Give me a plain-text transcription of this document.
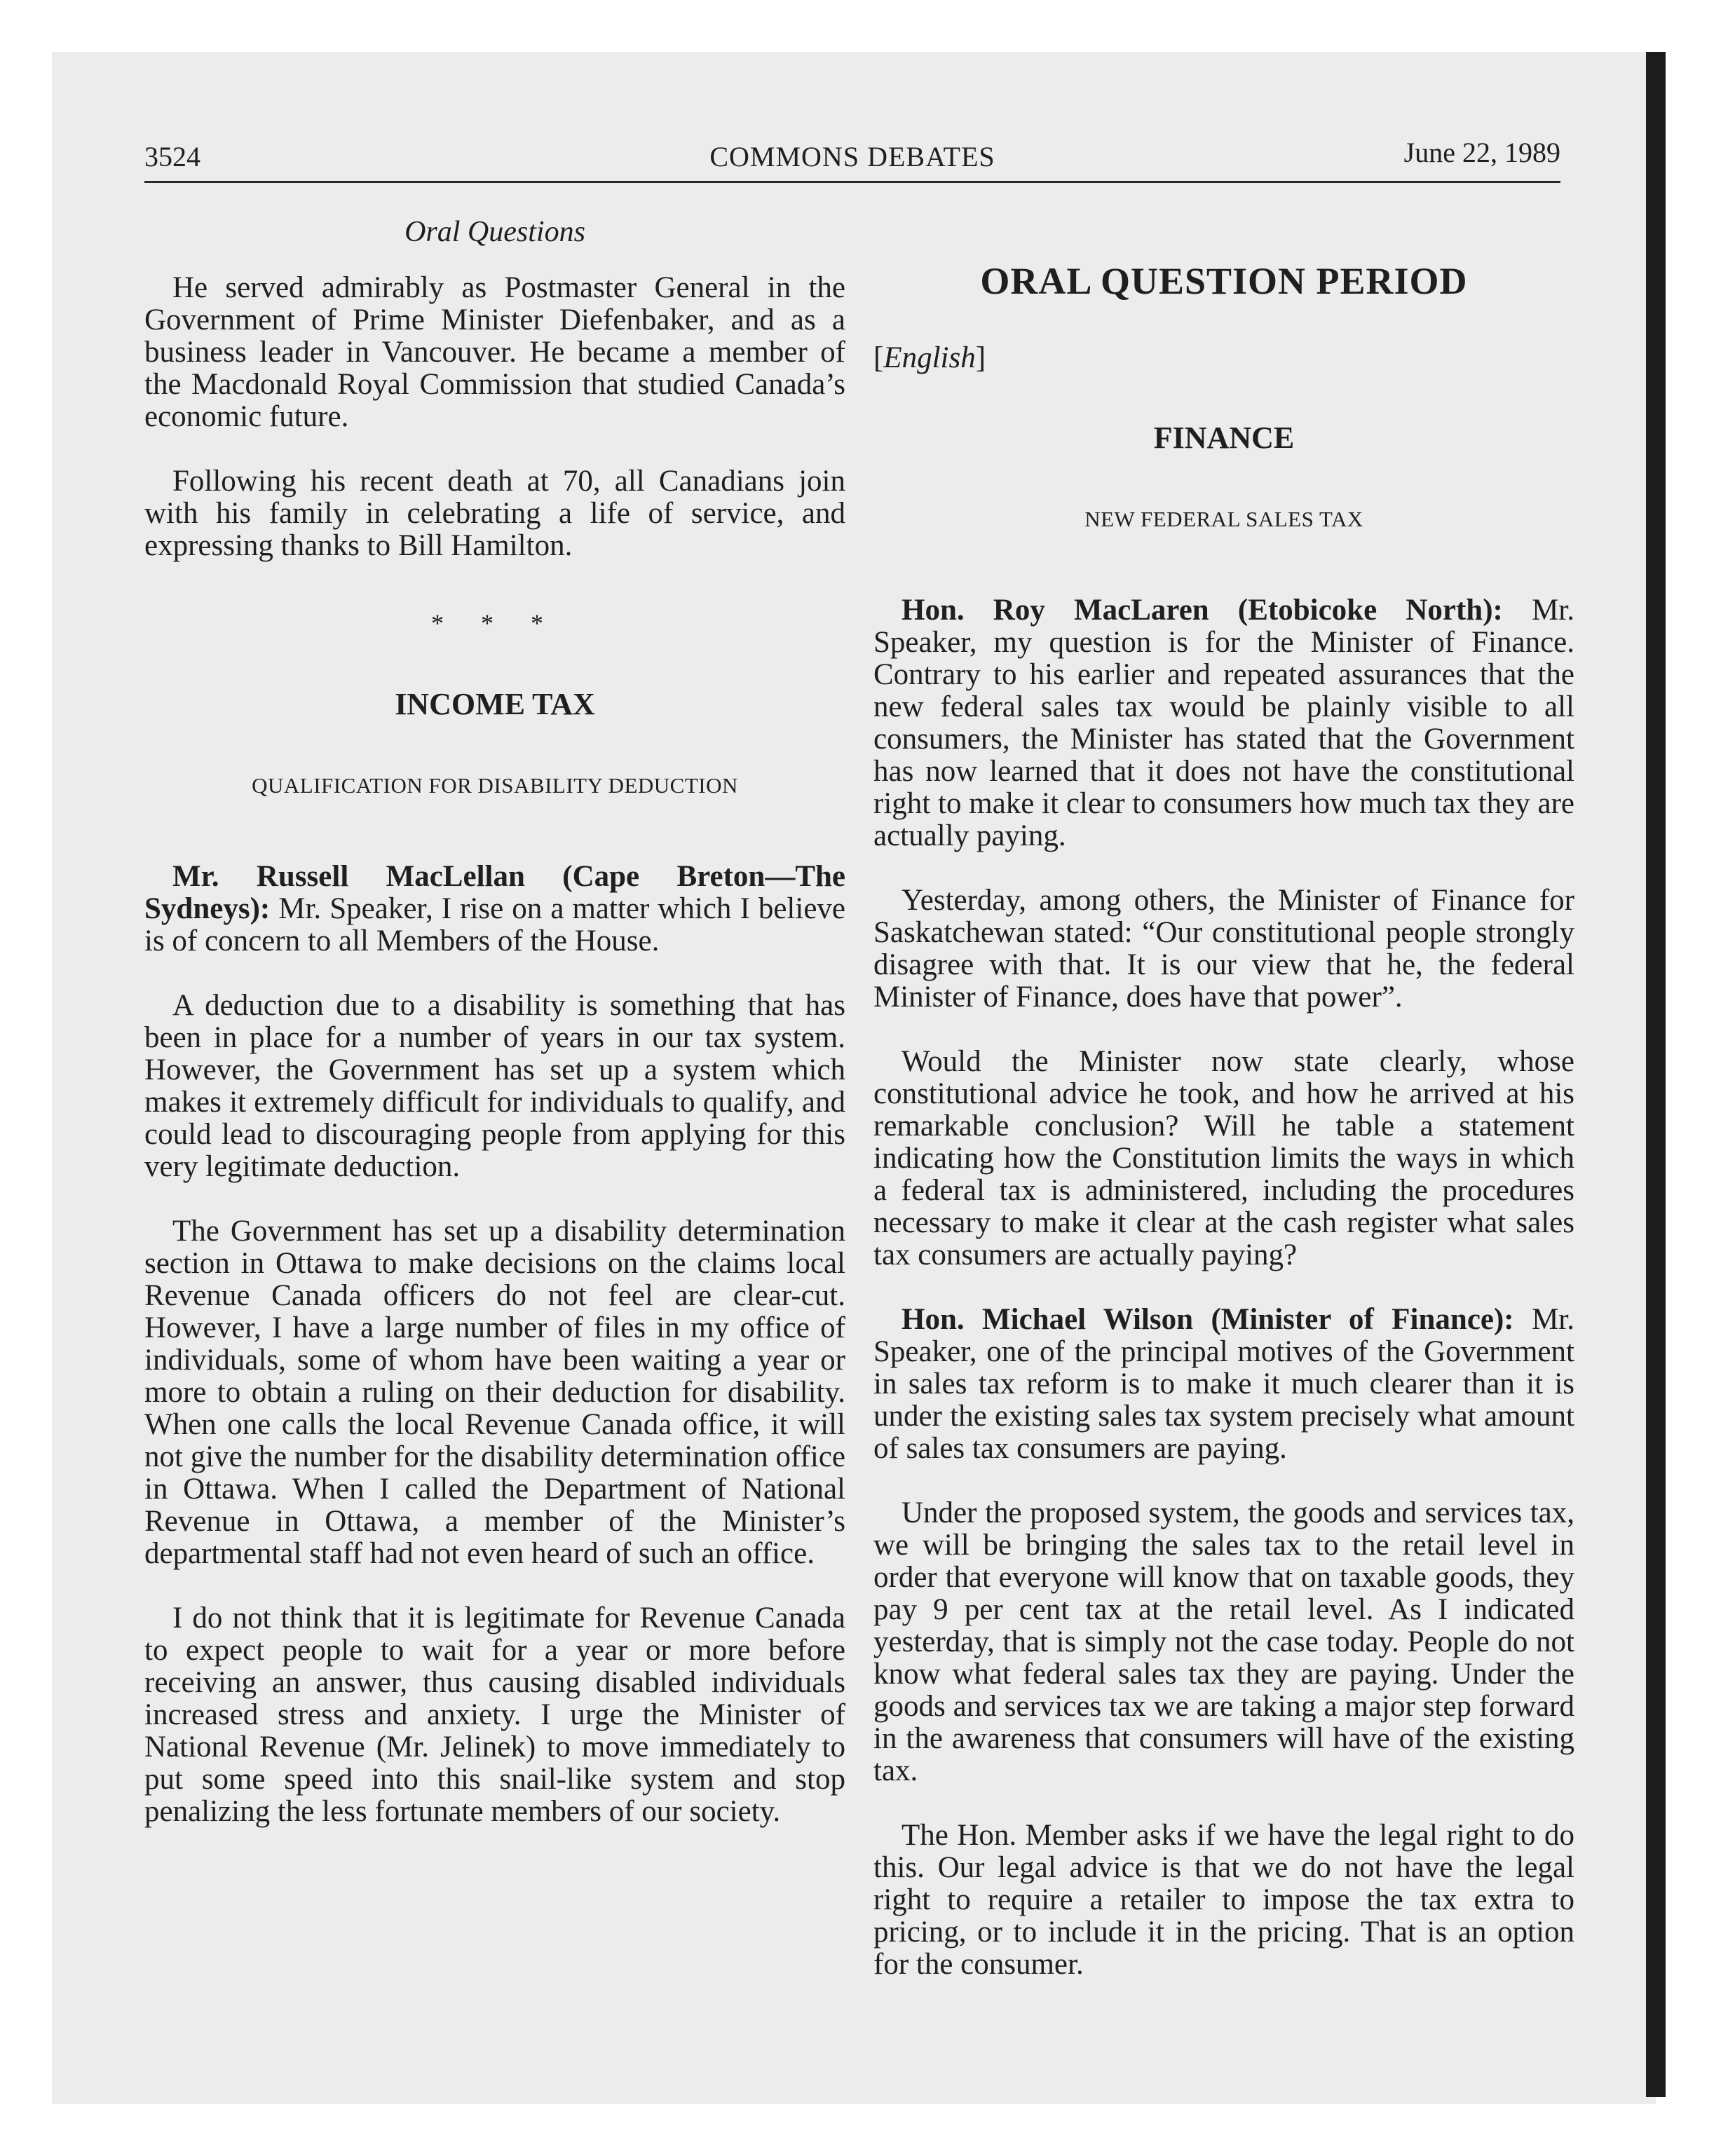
3524	COMMONS DEBATES	June 22, 1989
Oral Questions

He served admirably as Postmaster General in the Government of Prime Minister Diefenbaker, and as a business leader in Vancouver. He became a member of the Macdonald Royal Commission that studied Canada’s economic future.

Following his recent death at 70, all Canadians join with his family in celebrating a life of service, and expressing thanks to Bill Hamilton.

* * *
INCOME TAX
QUALIFICATION FOR DISABILITY DEDUCTION

Mr. Russell MacLellan (Cape Breton—The Sydneys): Mr. Speaker, I rise on a matter which I believe is of concern to all Members of the House.

A deduction due to a disability is something that has been in place for a number of years in our tax system. However, the Government has set up a system which makes it extremely difficult for individuals to qualify, and could lead to discouraging people from applying for this very legitimate deduction.

The Government has set up a disability determination section in Ottawa to make decisions on the claims local Revenue Canada officers do not feel are clear-cut. However, I have a large number of files in my office of individuals, some of whom have been waiting a year or more to obtain a ruling on their deduction for disability. When one calls the local Revenue Canada office, it will not give the number for the disability determination office in Ottawa. When I called the Department of National Revenue in Ottawa, a member of the Minister’s departmental staff had not even heard of such an office.

I do not think that it is legitimate for Revenue Canada to expect people to wait for a year or more before receiving an answer, thus causing disabled individuals increased stress and anxiety. I urge the Minister of National Revenue (Mr. Jelinek) to move immediately to put some speed into this snail-like system and stop penalizing the less fortunate members of our society.

ORAL QUESTION PERIOD
[English]
FINANCE
NEW FEDERAL SALES TAX

Hon. Roy MacLaren (Etobicoke North): Mr. Speaker, my question is for the Minister of Finance. Contrary to his earlier and repeated assurances that the new federal sales tax would be plainly visible to all consumers, the Minister has stated that the Government has now learned that it does not have the constitutional right to make it clear to consumers how much tax they are actually paying.

Yesterday, among others, the Minister of Finance for Saskatchewan stated: “Our constitutional people strongly disagree with that. It is our view that he, the federal Minister of Finance, does have that power”.

Would the Minister now state clearly, whose constitutional advice he took, and how he arrived at his remarkable conclusion? Will he table a statement indicating how the Constitution limits the ways in which a federal tax is administered, including the procedures necessary to make it clear at the cash register what sales tax consumers are actually paying?

Hon. Michael Wilson (Minister of Finance): Mr. Speaker, one of the principal motives of the Government in sales tax reform is to make it much clearer than it is under the existing sales tax system precisely what amount of sales tax consumers are paying.

Under the proposed system, the goods and services tax, we will be bringing the sales tax to the retail level in order that everyone will know that on taxable goods, they pay 9 per cent tax at the retail level. As I indicated yesterday, that is simply not the case today. People do not know what federal sales tax they are paying. Under the goods and services tax we are taking a major step forward in the awareness that consumers will have of the existing tax.

The Hon. Member asks if we have the legal right to do this. Our legal advice is that we do not have the legal right to require a retailer to impose the tax extra to pricing, or to include it in the pricing. That is an option for the consumer.
